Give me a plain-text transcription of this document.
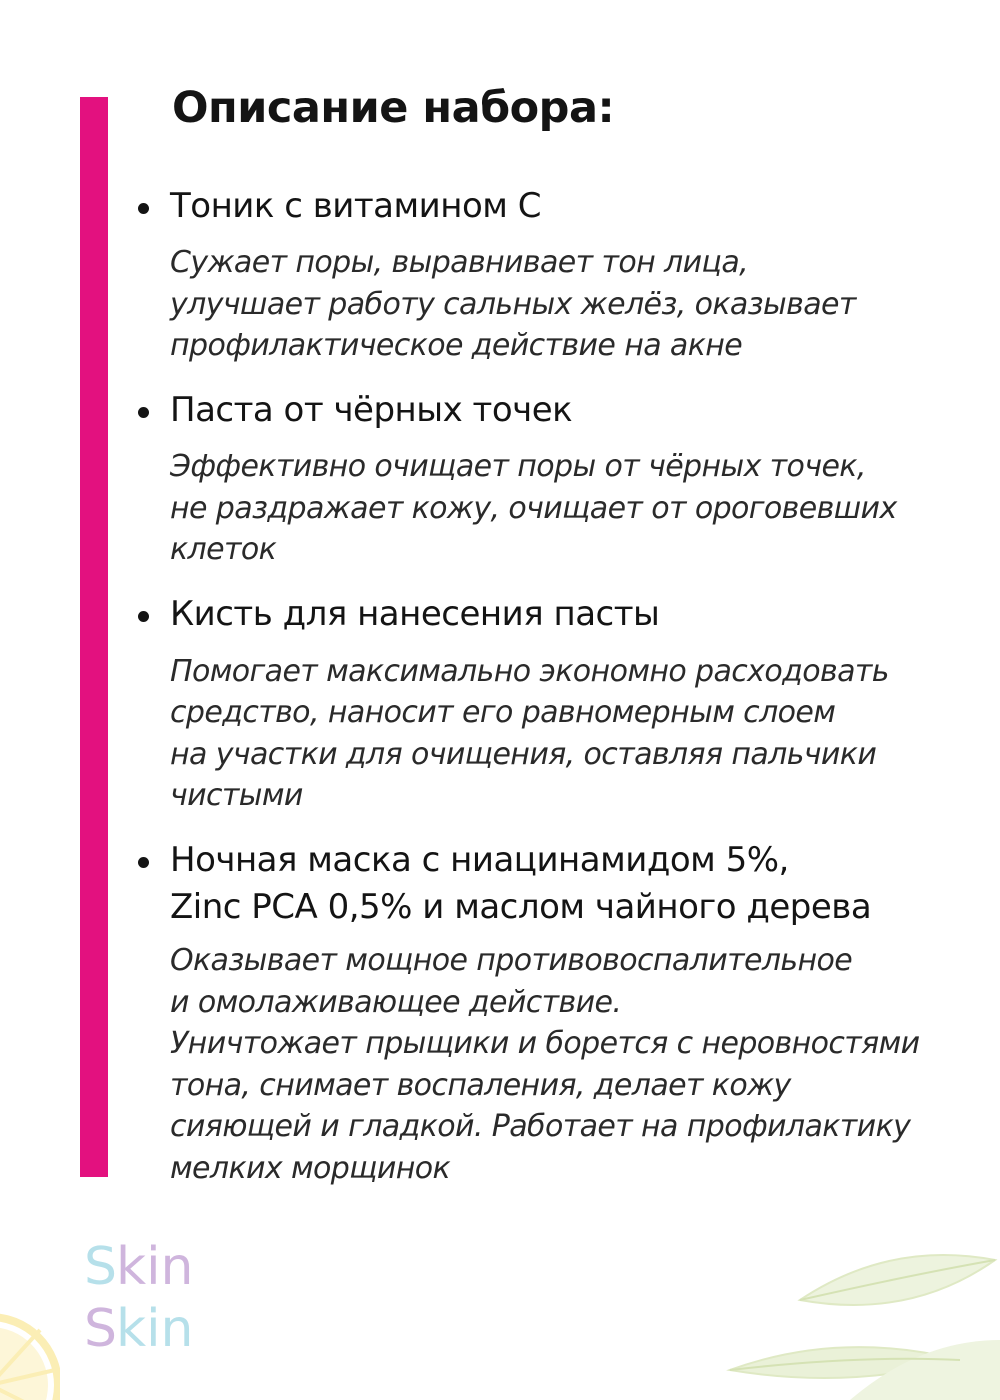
Описание набора:
Тоник с витамином С

Сужает поры, выравнивает тон лица,

улучшает работу сальных желёз, оказывает

профилактическое действие на акне

Паста от чёрных точек

Эффективно очищает поры от чёрных точек,

не раздражает кожу, очищает от ороговевших

клеток

Кисть для нанесения пасты

Помогает максимально экономно расходовать

средство, наносит его равномерным слоем

на участки для очищения, оставляя пальчики

чистыми

Ночная маска с ниацинамидом 5%,
Zinc PCA 0,5% и маслом чайного дерева

Оказывает мощное противовоспалительное

и омолаживающее действие.

Уничтожает прыщики и борется с неровностями

тона, снимает воспаления, делает кожу

сияющей и гладкой. Работает на профилактику

мелких морщинок

S
kin
S
kin
